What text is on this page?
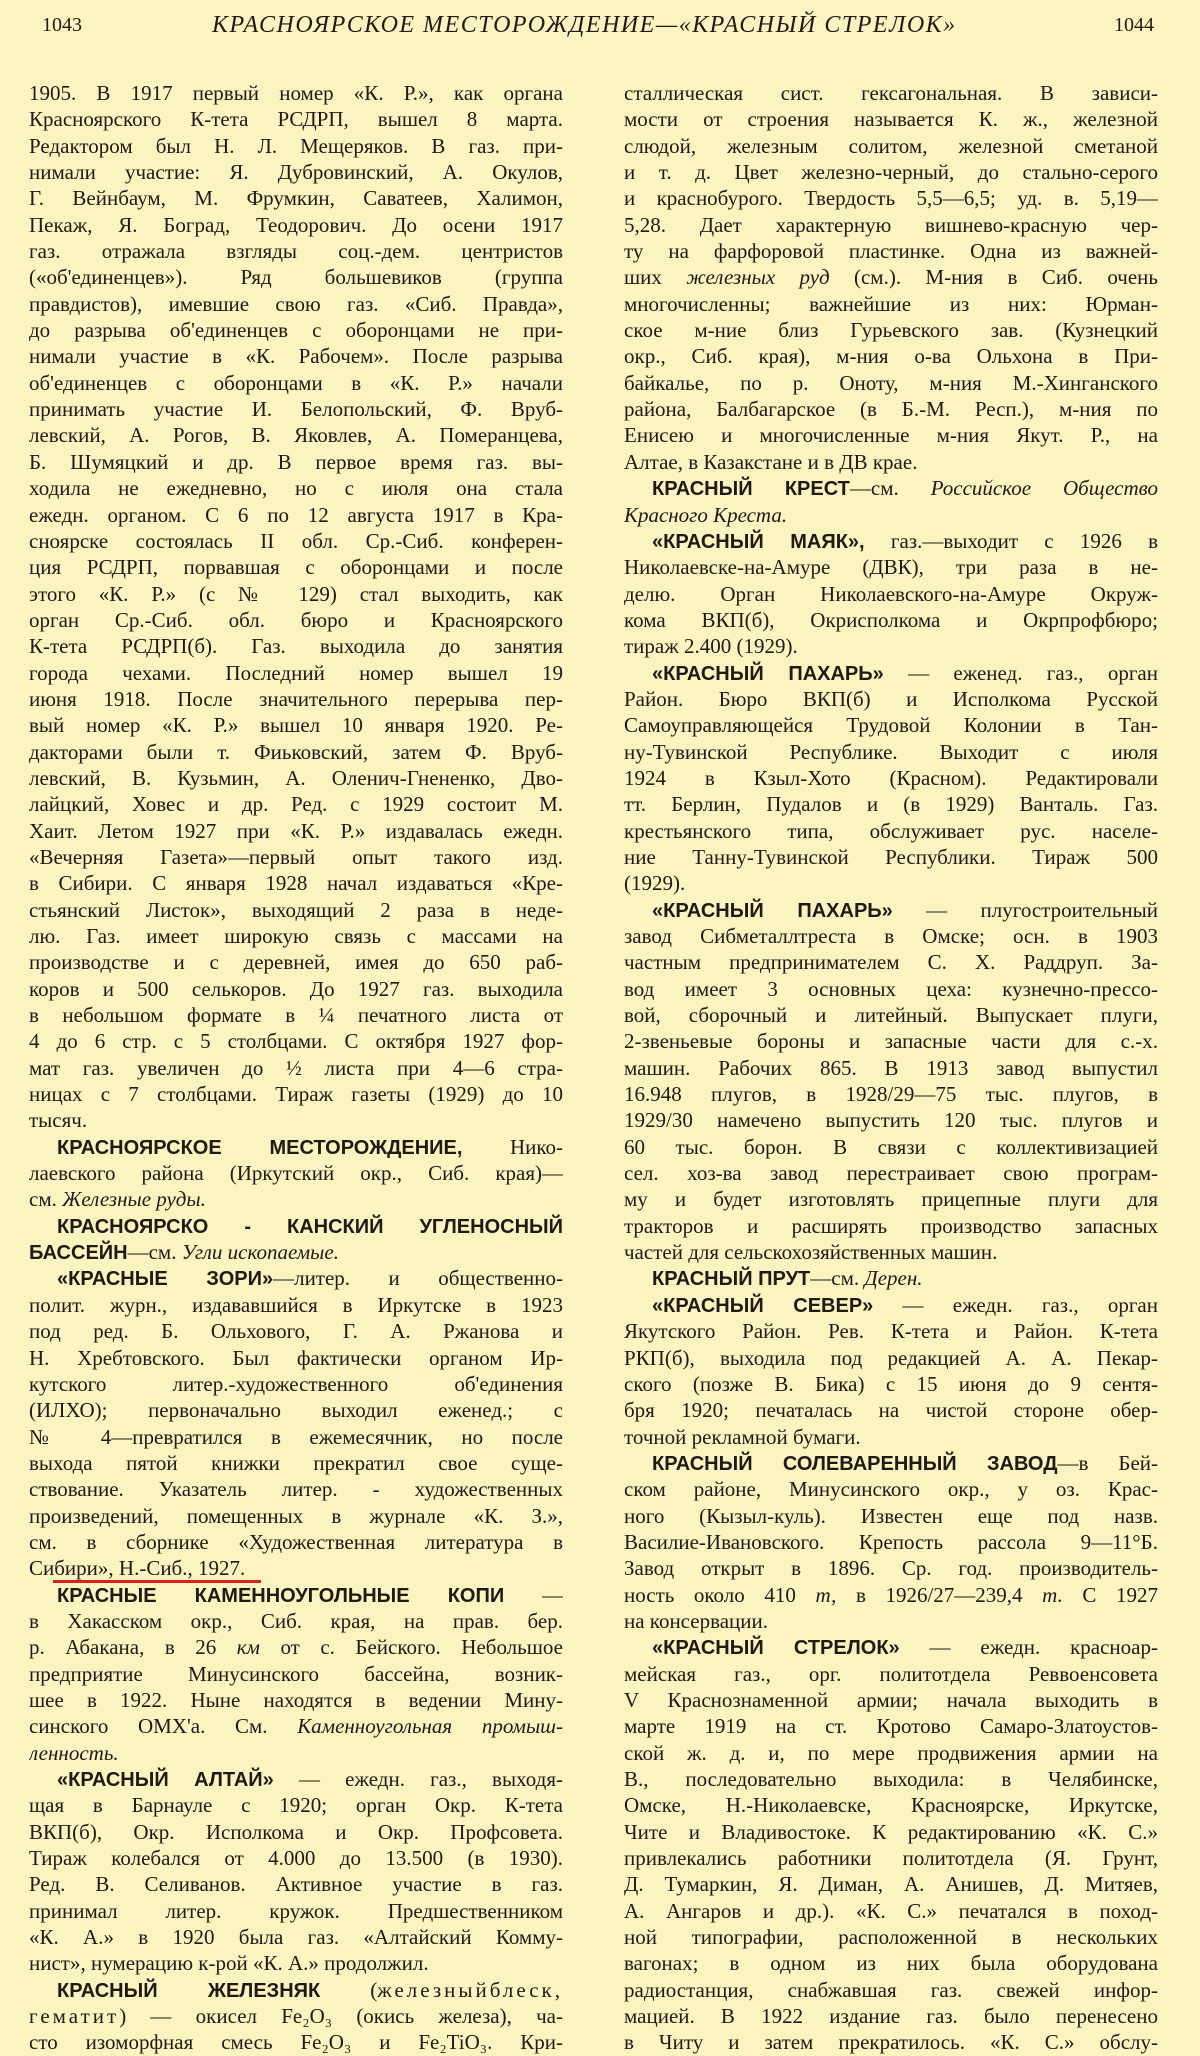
1043	КРАСНОЯРСКОЕ МЕСТОРОЖДЕНИЕ—«КРАСНЫЙ СТРЕЛОК»	1044
1905. В 1917 первый номер «К. Р.», как органа
Красноярского К-тета РСДРП, вышел 8 марта.
Редактором был Н. Л. Мещеряков. В газ. при-
нимали участие: Я. Дубровинский, А. Окулов,
Г. Вейнбаум, М. Фрумкин, Саватеев, Халимон,
Пекаж, Я. Боград, Теодорович. До осени 1917
газ. отражала взгляды соц.-дем. центристов
(«об'единенцев»). Ряд большевиков (группа
правдистов), имевшие свою газ. «Сиб. Правда»,
до разрыва об'единенцев с оборонцами не при-
нимали участие в «К. Рабочем». После разрыва
об'единенцев с оборонцами в «К. Р.» начали
принимать участие И. Белопольский, Ф. Вруб-
левский, А. Рогов, В. Яковлев, А. Померанцева,
Б. Шумяцкий и др. В первое время газ. вы-
ходила не ежедневно, но с июля она стала
ежедн. органом. С 6 по 12 августа 1917 в Кра-
сноярске состоялась II обл. Ср.-Сиб. конферен-
ция РСДРП, порвавшая с оборонцами и после
этого «К. Р.» (с № 129) стал выходить, как
орган Ср.-Сиб. обл. бюро и Красноярского
К-тета РСДРП(б). Газ. выходила до занятия
города чехами. Последний номер вышел 19
июня 1918. После значительного перерыва пер-
вый номер «К. Р.» вышел 10 января 1920. Ре-
дакторами были т. Фиьковский, затем Ф. Вруб-
левский, В. Кузьмин, А. Оленич-Гнененко, Дво-
лайцкий, Ховес и др. Ред. с 1929 состоит М.
Хаит. Летом 1927 при «К. Р.» издавалась ежедн.
«Вечерняя Газета»—первый опыт такого изд.
в Сибири. С января 1928 начал издаваться «Кре-
стьянский Листок», выходящий 2 раза в неде-
лю. Газ. имеет широкую связь с массами на
производстве и с деревней, имея до 650 раб-
коров и 500 селькоров. До 1927 газ. выходила
в небольшом формате в ¼ печатного листа от
4 до 6 стр. с 5 столбцами. С октября 1927 фор-
мат газ. увеличен до ½ листа при 4—6 стра-
ницах с 7 столбцами. Тираж газеты (1929) до 10
тысяч.
КРАСНОЯРСКОЕ МЕСТОРОЖДЕНИЕ, Нико-
лаевского района (Иркутский окр., Сиб. края)—
см. Железные руды.
КРАСНОЯРСКО - КАНСКИЙ УГЛЕНОСНЫЙ
БАССЕЙН—см. Угли ископаемые.
«КРАСНЫЕ ЗОРИ»—литер. и общественно-
полит. журн., издававшийся в Иркутске в 1923
под ред. Б. Ольхового, Г. А. Ржанова и
Н. Хребтовского. Был фактически органом Ир-
кутского литер.-художественного об'единения
(ИЛХО); первоначально выходил еженед.; с
№ 4—превратился в ежемесячник, но после
выхода пятой книжки прекратил свое суще-
ствование. Указатель литер. - художественных
произведений, помещенных в журнале «К. З.»,
см. в сборнике «Художественная литература в
Сибири», Н.-Сиб., 1927.
КРАСНЫЕ КАМЕННОУГОЛЬНЫЕ КОПИ —
в Хакасском окр., Сиб. края, на прав. бер.
р. Абакана, в 26 км от с. Бейского. Небольшое
предприятие Минусинского бассейна, возник-
шее в 1922. Ныне находятся в ведении Мину-
синского ОМХ'а. См. Каменноугольная промыш-
ленность.
«КРАСНЫЙ АЛТАЙ» — ежедн. газ., выходя-
щая в Барнауле с 1920; орган Окр. К-тета
ВКП(б), Окр. Исполкома и Окр. Профсовета.
Тираж колебался от 4.000 до 13.500 (в 1930).
Ред. В. Селиванов. Активное участие в газ.
принимал литер. кружок. Предшественником
«К. А.» в 1920 была газ. «Алтайский Комму-
нист», нумерацию к-рой «К. А.» продолжил.
КРАСНЫЙ ЖЕЛЕЗНЯК (железныйблеск,
гематит) — окисел Fe₂O₃ (окись железа), ча-
сто изоморфная смесь Fe₂O₃ и Fe₂TiO₃. Кри-
сталлическая сист. гексагональная. В зависи-
мости от строения называется К. ж., железной
слюдой, железным солитом, железной сметаной
и т. д. Цвет железно-черный, до стально-серого
и краснобурого. Твердость 5,5—6,5; уд. в. 5,19—
5,28. Дает характерную вишнево-красную чер-
ту на фарфоровой пластинке. Одна из важней-
ших железных руд (см.). М-ния в Сиб. очень
многочисленны; важнейшие из них: Юрман-
ское м-ние близ Гурьевского зав. (Кузнецкий
окр., Сиб. края), м-ния о-ва Ольхона в При-
байкалье, по р. Оноту, м-ния М.-Хинганского
района, Балбагарское (в Б.-М. Респ.), м-ния по
Енисею и многочисленные м-ния Якут. Р., на
Алтае, в Казакстане и в ДВ крае.
КРАСНЫЙ КРЕСТ—см. Российское Общество
Красного Креста.
«КРАСНЫЙ МАЯК», газ.—выходит с 1926 в
Николаевске-на-Амуре (ДВК), три раза в не-
делю. Орган Николаевского-на-Амуре Окруж-
кома ВКП(б), Окрисполкома и Окрпрофбюро;
тираж 2.400 (1929).
«КРАСНЫЙ ПАХАРЬ» — еженед. газ., орган
Район. Бюро ВКП(б) и Исполкома Русской
Самоуправляющейся Трудовой Колонии в Тан-
ну-Тувинской Республике. Выходит с июля
1924 в Кзыл-Хото (Красном). Редактировали
тт. Берлин, Пудалов и (в 1929) Ванталь. Газ.
крестьянского типа, обслуживает рус. населе-
ние Танну-Тувинской Республики. Тираж 500
(1929).
«КРАСНЫЙ ПАХАРЬ» — плугостроительный
завод Сибметаллтреста в Омске; осн. в 1903
частным предпринимателем С. Х. Раддруп. За-
вод имеет 3 основных цеха: кузнечно-прессо-
вой, сборочный и литейный. Выпускает плуги,
2-звеньевые бороны и запасные части для с.-х.
машин. Рабочих 865. В 1913 завод выпустил
16.948 плугов, в 1928/29—75 тыс. плугов, в
1929/30 намечено выпустить 120 тыс. плугов и
60 тыс. борон. В связи с коллективизацией
сел. хоз-ва завод перестраивает свою програм-
му и будет изготовлять прицепные плуги для
тракторов и расширять производство запасных
частей для сельскохозяйственных машин.
КРАСНЫЙ ПРУТ—см. Дерен.
«КРАСНЫЙ СЕВЕР» — ежедн. газ., орган
Якутского Район. Рев. К-тета и Район. К-тета
РКП(б), выходила под редакцией А. А. Пекар-
ского (позже В. Бика) с 15 июня до 9 сентя-
бря 1920; печаталась на чистой стороне обер-
точной рекламной бумаги.
КРАСНЫЙ СОЛЕВАРЕННЫЙ ЗАВОД—в Бей-
ском районе, Минусинского окр., у оз. Крас-
ного (Кызыл-куль). Известен еще под назв.
Василие-Ивановского. Крепость рассола 9—11°Б.
Завод открыт в 1896. Ср. год. производитель-
ность около 410 т, в 1926/27—239,4 т. С 1927
на консервации.
«КРАСНЫЙ СТРЕЛОК» — ежедн. красноар-
мейская газ., орг. политотдела Реввоенсовета
V Краснознаменной армии; начала выходить в
марте 1919 на ст. Кротово Самаро-Златоустов-
ской ж. д. и, по мере продвижения армии на
В., последовательно выходила: в Челябинске,
Омске, Н.-Николаевске, Красноярске, Иркутске,
Чите и Владивостоке. К редактированию «К. С.»
привлекались работники политотдела (Я. Грунт,
Д. Тумаркин, Я. Диман, А. Анишев, Д. Митяев,
А. Ангаров и др.). «К. С.» печатался в поход-
ной типографии, расположенной в нескольких
вагонах; в одном из них была оборудована
радиостанция, снабжавшая газ. свежей инфор-
мацией. В 1922 издание газ. было перенесено
в Читу и затем прекратилось. «К. С.» обслу-
